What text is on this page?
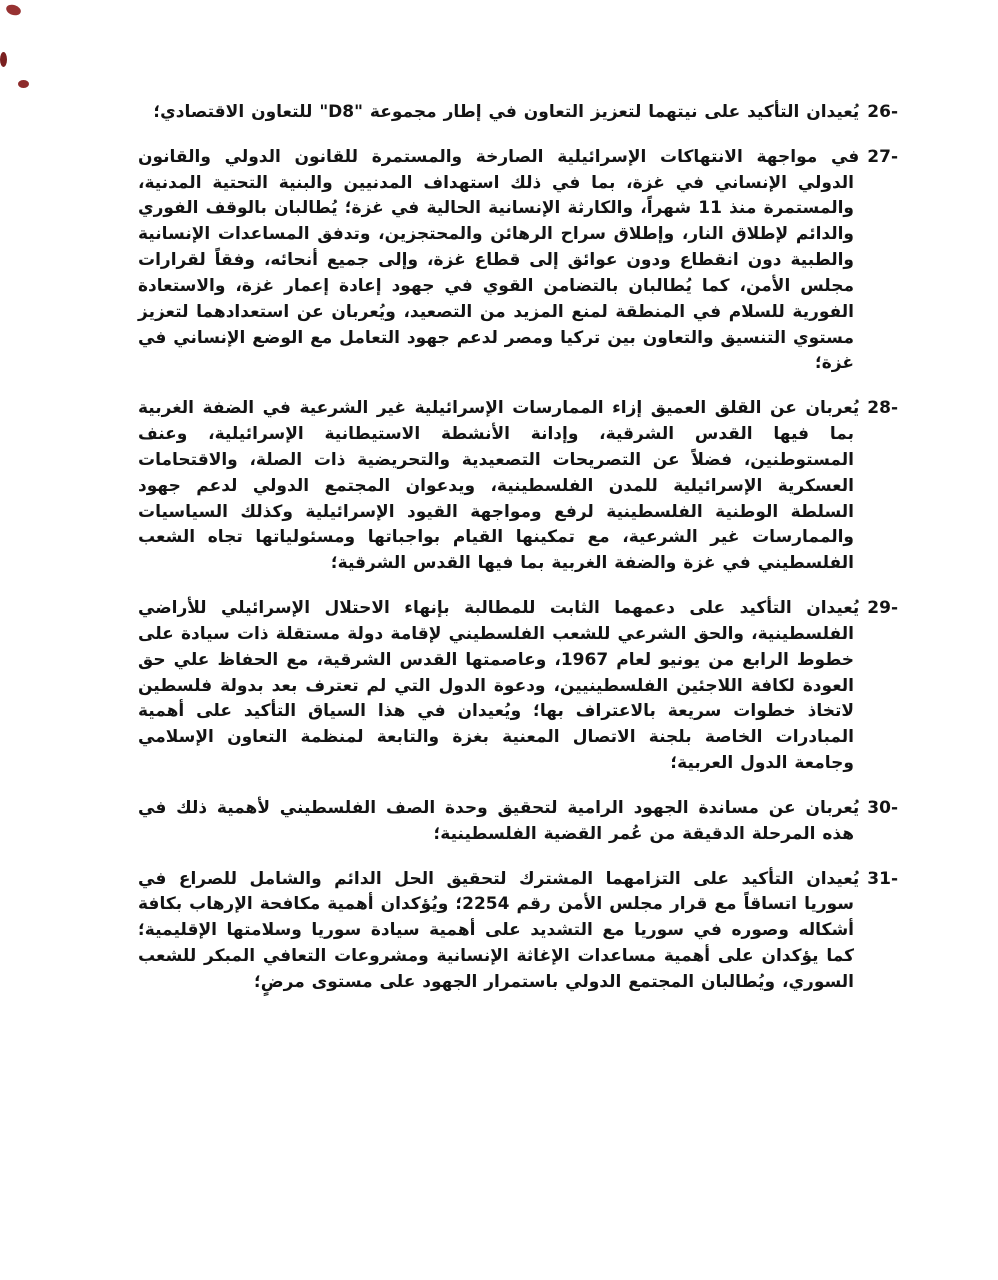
26-يُعيدان التأكيد على نيتهما لتعزيز التعاون في إطار مجموعة ⁦"D8"⁩ للتعاون الاقتصادي؛

27-في مواجهة الانتهاكات الإسرائيلية الصارخة والمستمرة للقانون الدولي والقانون الدولي الإنساني في غزة، بما في ذلك استهداف المدنيين والبنية التحتية المدنية، والمستمرة منذ 11 شهراً، والكارثة الإنسانية الحالية في غزة؛ يُطالبان بالوقف الفوري والدائم لإطلاق النار، وإطلاق سراح الرهائن والمحتجزين، وتدفق المساعدات الإنسانية والطبية دون انقطاع ودون عوائق إلى قطاع غزة، وإلى جميع أنحائه، وفقاً لقرارات مجلس الأمن، كما يُطالبان بالتضامن القوي في جهود إعادة إعمار غزة، والاستعادة الفورية للسلام في المنطقة لمنع المزيد من التصعيد، ويُعربان عن استعدادهما لتعزيز مستوي التنسيق والتعاون بين تركيا ومصر لدعم جهود التعامل مع الوضع الإنساني في غزة؛

28-يُعربان عن القلق العميق إزاء الممارسات الإسرائيلية غير الشرعية في الضفة الغربية بما فيها القدس الشرقية، وإدانة الأنشطة الاستيطانية الإسرائيلية، وعنف المستوطنين، فضلاً عن التصريحات التصعيدية والتحريضية ذات الصلة، والاقتحامات العسكرية الإسرائيلية للمدن الفلسطينية، ويدعوان المجتمع الدولي لدعم جهود السلطة الوطنية الفلسطينية لرفع ومواجهة القيود الإسرائيلية وكذلك السياسيات والممارسات غير الشرعية، مع تمكينها القيام بواجباتها ومسئولياتها تجاه الشعب الفلسطيني في غزة والضفة الغربية بما فيها القدس الشرقية؛

29-يُعيدان التأكيد على دعمهما الثابت للمطالبة بإنهاء الاحتلال الإسرائيلي للأراضي الفلسطينية، والحق الشرعي للشعب الفلسطيني لإقامة دولة مستقلة ذات سيادة على خطوط الرابع من يونيو لعام 1967، وعاصمتها القدس الشرقية، مع الحفاظ علي حق العودة لكافة اللاجئين الفلسطينيين، ودعوة الدول التي لم تعترف بعد بدولة فلسطين لاتخاذ خطوات سريعة بالاعتراف بها؛ ويُعيدان في هذا السياق التأكيد على أهمية المبادرات الخاصة بلجنة الاتصال المعنية بغزة والتابعة لمنظمة التعاون الإسلامي وجامعة الدول العربية؛

30-يُعربان عن مساندة الجهود الرامية لتحقيق وحدة الصف الفلسطيني لأهمية ذلك في هذه المرحلة الدقيقة من عُمر القضية الفلسطينية؛

31-يُعيدان التأكيد على التزامهما المشترك لتحقيق الحل الدائم والشامل للصراع في سوريا اتساقاً مع قرار مجلس الأمن رقم 2254؛ ويُؤكدان أهمية مكافحة الإرهاب بكافة أشكاله وصوره في سوريا مع التشديد على أهمية سيادة سوريا وسلامتها الإقليمية؛ كما يؤكدان على أهمية مساعدات الإغاثة الإنسانية ومشروعات التعافي المبكر للشعب السوري، ويُطالبان المجتمع الدولي باستمرار الجهود على مستوى مرضٍ؛
